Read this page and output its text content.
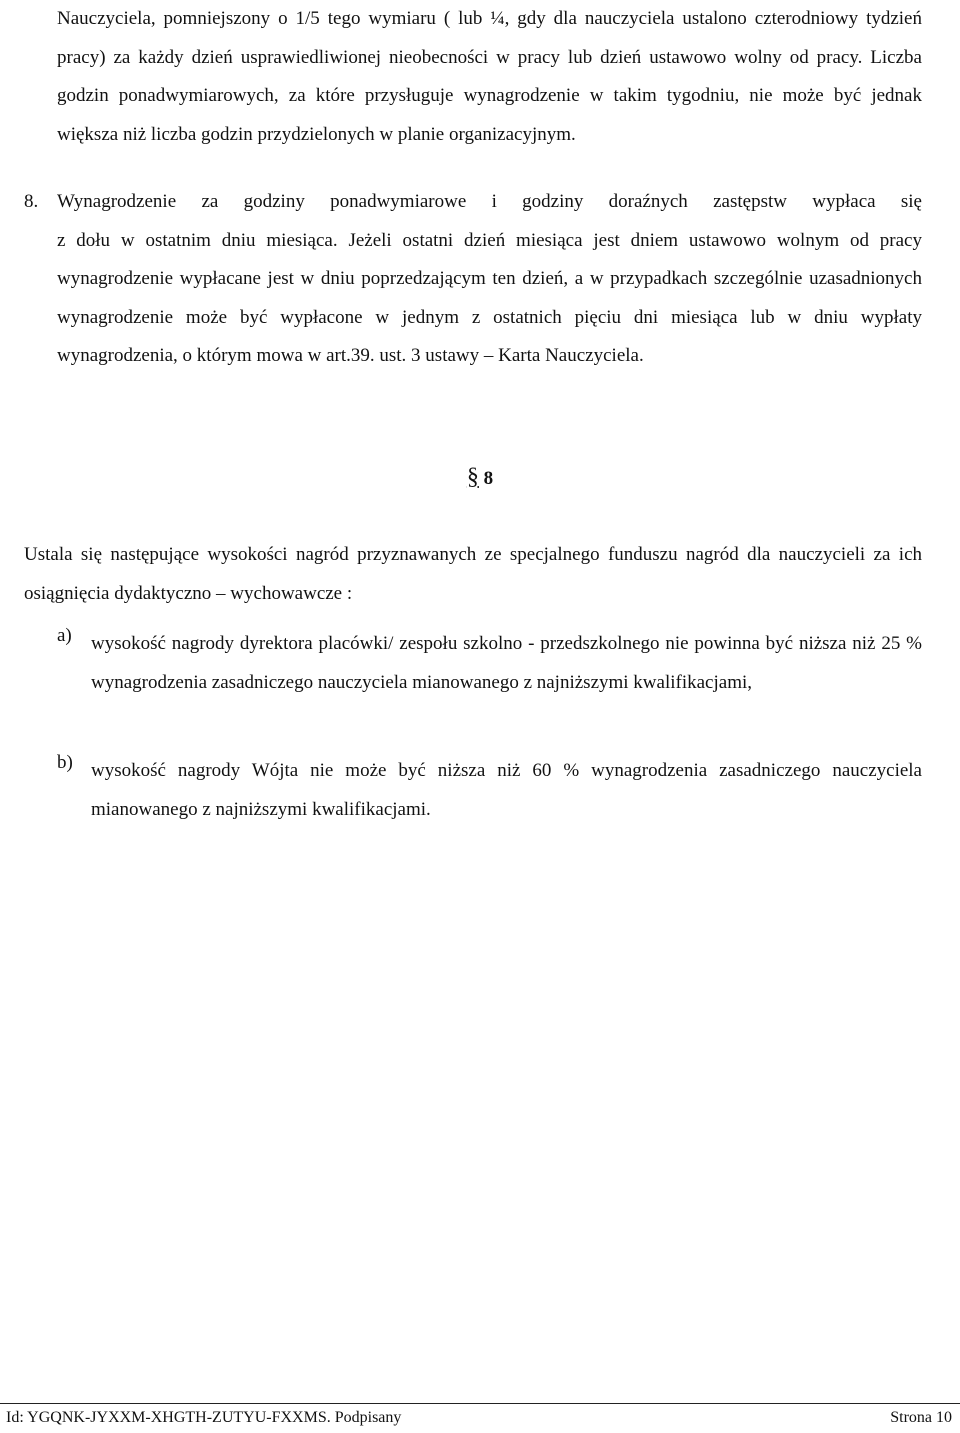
Nauczyciela, pomniejszony o 1/5 tego wymiaru ( lub ¼, gdy dla nauczyciela ustalono czterodniowy tydzień pracy) za każdy dzień usprawiedliwionej nieobecności w pracy lub dzień ustawowo wolny od pracy. Liczba godzin ponadwymiarowych, za które przysługuje wynagrodzenie w takim tygodniu, nie może być jednak większa niż liczba godzin przydzielonych w planie organizacyjnym.

8. Wynagrodzenie za godziny ponadwymiarowe i godziny doraźnych zastępstw wypłaca się

z dołu w ostatnim dniu miesiąca. Jeżeli ostatni dzień miesiąca jest dniem ustawowo wolnym od pracy wynagrodzenie wypłacane jest w dniu poprzedzającym ten dzień, a w przypadkach szczególnie uzasadnionych wynagrodzenie może być wypłacone w jednym z ostatnich pięciu dni miesiąca lub w dniu wypłaty wynagrodzenia, o którym mowa w art.39. ust. 3 ustawy – Karta Nauczyciela.

§ 8

Ustala się następujące wysokości nagród przyznawanych ze specjalnego funduszu nagród dla nauczycieli za ich osiągnięcia dydaktyczno – wychowawcze :

a) wysokość nagrody dyrektora placówki/ zespołu szkolno - przedszkolnego nie powinna być niższa niż 25 % wynagrodzenia zasadniczego nauczyciela mianowanego z najniższymi kwalifikacjami,

b) wysokość nagrody Wójta nie może być niższa niż 60 % wynagrodzenia zasadniczego nauczyciela mianowanego z najniższymi kwalifikacjami.

Id: YGQNK-JYXXM-XHGTH-ZUTYU-FXXMS. Podpisany	Strona 10
